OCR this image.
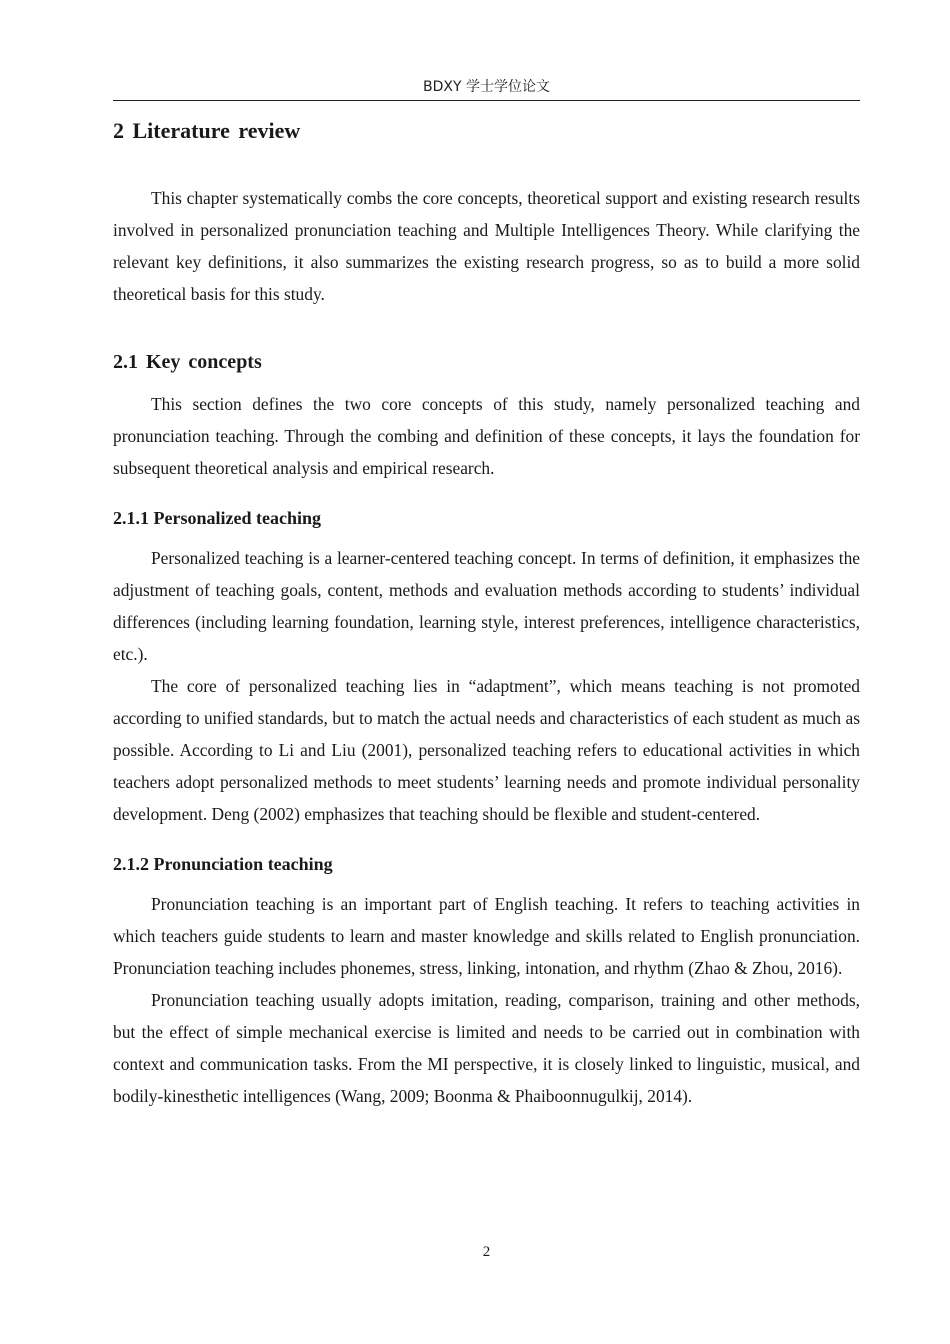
BDXY 学士学位论文
2 Literature review

This chapter systematically combs the core concepts, theoretical support and existing research results involved in personalized pronunciation teaching and Multiple Intelligences Theory. While clarifying the relevant key definitions, it also summarizes the existing research progress, so as to build a more solid theoretical basis for this study.

2.1 Key concepts

This section defines the two core concepts of this study, namely personalized teaching and pronunciation teaching. Through the combing and definition of these concepts, it lays the foundation for subsequent theoretical analysis and empirical research.

2.1.1 Personalized teaching

Personalized teaching is a learner-centered teaching concept. In terms of definition, it emphasizes the adjustment of teaching goals, content, methods and evaluation methods according to students’ individual differences (including learning foundation, learning style, interest preferences, intelligence characteristics, etc.).

The core of personalized teaching lies in “adaptment”, which means teaching is not promoted according to unified standards, but to match the actual needs and characteristics of each student as much as possible. According to Li and Liu (2001), personalized teaching refers to educational activities in which teachers adopt personalized methods to meet students’ learning needs and promote individual personality development. Deng (2002) emphasizes that teaching should be flexible and student-centered.

2.1.2 Pronunciation teaching

Pronunciation teaching is an important part of English teaching. It refers to teaching activities in which teachers guide students to learn and master knowledge and skills related to English pronunciation. Pronunciation teaching includes phonemes, stress, linking, intonation, and rhythm (Zhao & Zhou, 2016).

Pronunciation teaching usually adopts imitation, reading, comparison, training and other methods, but the effect of simple mechanical exercise is limited and needs to be carried out in combination with context and communication tasks. From the MI perspective, it is closely linked to linguistic, musical, and bodily-kinesthetic intelligences (Wang, 2009; Boonma & Phaiboonnugulkij, 2014).

2
